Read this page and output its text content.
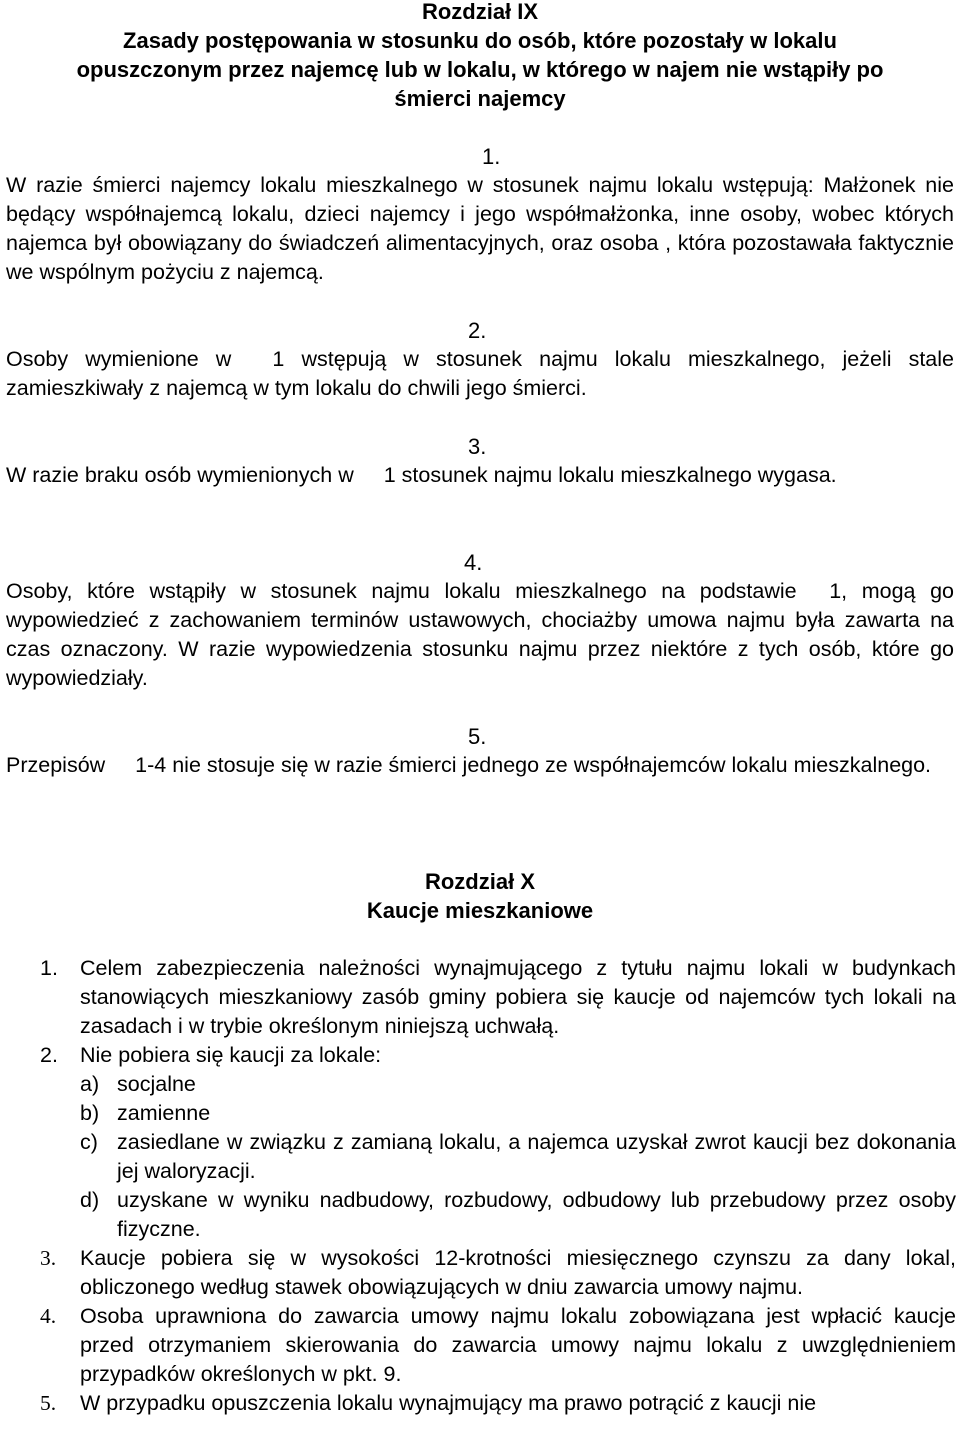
Rozdział IX

Zasady postępowania w stosunku do osób, które pozostały w lokalu

opuszczonym przez najemcę lub w lokalu, w którego w najem nie wstąpiły po

śmierci najemcy

1.

W razie śmierci najemcy lokalu mieszkalnego w stosunek najmu lokalu wstępują: Małżonek nie będący współnajemcą lokalu, dzieci najemcy i jego współmałżonka, inne osoby, wobec których najemca był obowiązany do świadczeń alimentacyjnych, oraz osoba , która pozostawała faktycznie we wspólnym pożyciu z najemcą.

2.

Osoby wymienione w 1 wstępują w stosunek najmu lokalu mieszkalnego, jeżeli stale zamieszkiwały z najemcą w tym lokalu do chwili jego śmierci.

3.

W razie braku osób wymienionych w 1 stosunek najmu lokalu mieszkalnego wygasa.

4.

Osoby, które wstąpiły w stosunek najmu lokalu mieszkalnego na podstawie 1, mogą go wypowiedzieć z zachowaniem terminów ustawowych, chociażby umowa najmu była zawarta na czas oznaczony. W razie wypowiedzenia stosunku najmu przez niektóre z tych osób, które go wypowiedziały.

5.

Przepisów 1-4 nie stosuje się w razie śmierci jednego ze współnajemców lokalu mieszkalnego.

Rozdział X

Kaucje mieszkaniowe

1. Celem zabezpieczenia należności wynajmującego z tytułu najmu lokali w budynkach stanowiących mieszkaniowy zasób gminy pobiera się kaucje od najemców tych lokali na zasadach i w trybie określonym niniejszą uchwałą.
2. Nie pobiera się kaucji za lokale:
a) socjalne
b) zamienne
c) zasiedlane w związku z zamianą lokalu, a najemca uzyskał zwrot kaucji bez dokonania jej waloryzacji.
d) uzyskane w wyniku nadbudowy, rozbudowy, odbudowy lub przebudowy przez osoby fizyczne.
3. Kaucje pobiera się w wysokości 12-krotności miesięcznego czynszu za dany lokal, obliczonego według stawek obowiązujących w dniu zawarcia umowy najmu.
4. Osoba uprawniona do zawarcia umowy najmu lokalu zobowiązana jest wpłacić kaucje przed otrzymaniem skierowania do zawarcia umowy najmu lokalu z uwzględnieniem przypadków określonych w pkt. 9.
5. W przypadku opuszczenia lokalu wynajmujący ma prawo potrącić z kaucji nie
